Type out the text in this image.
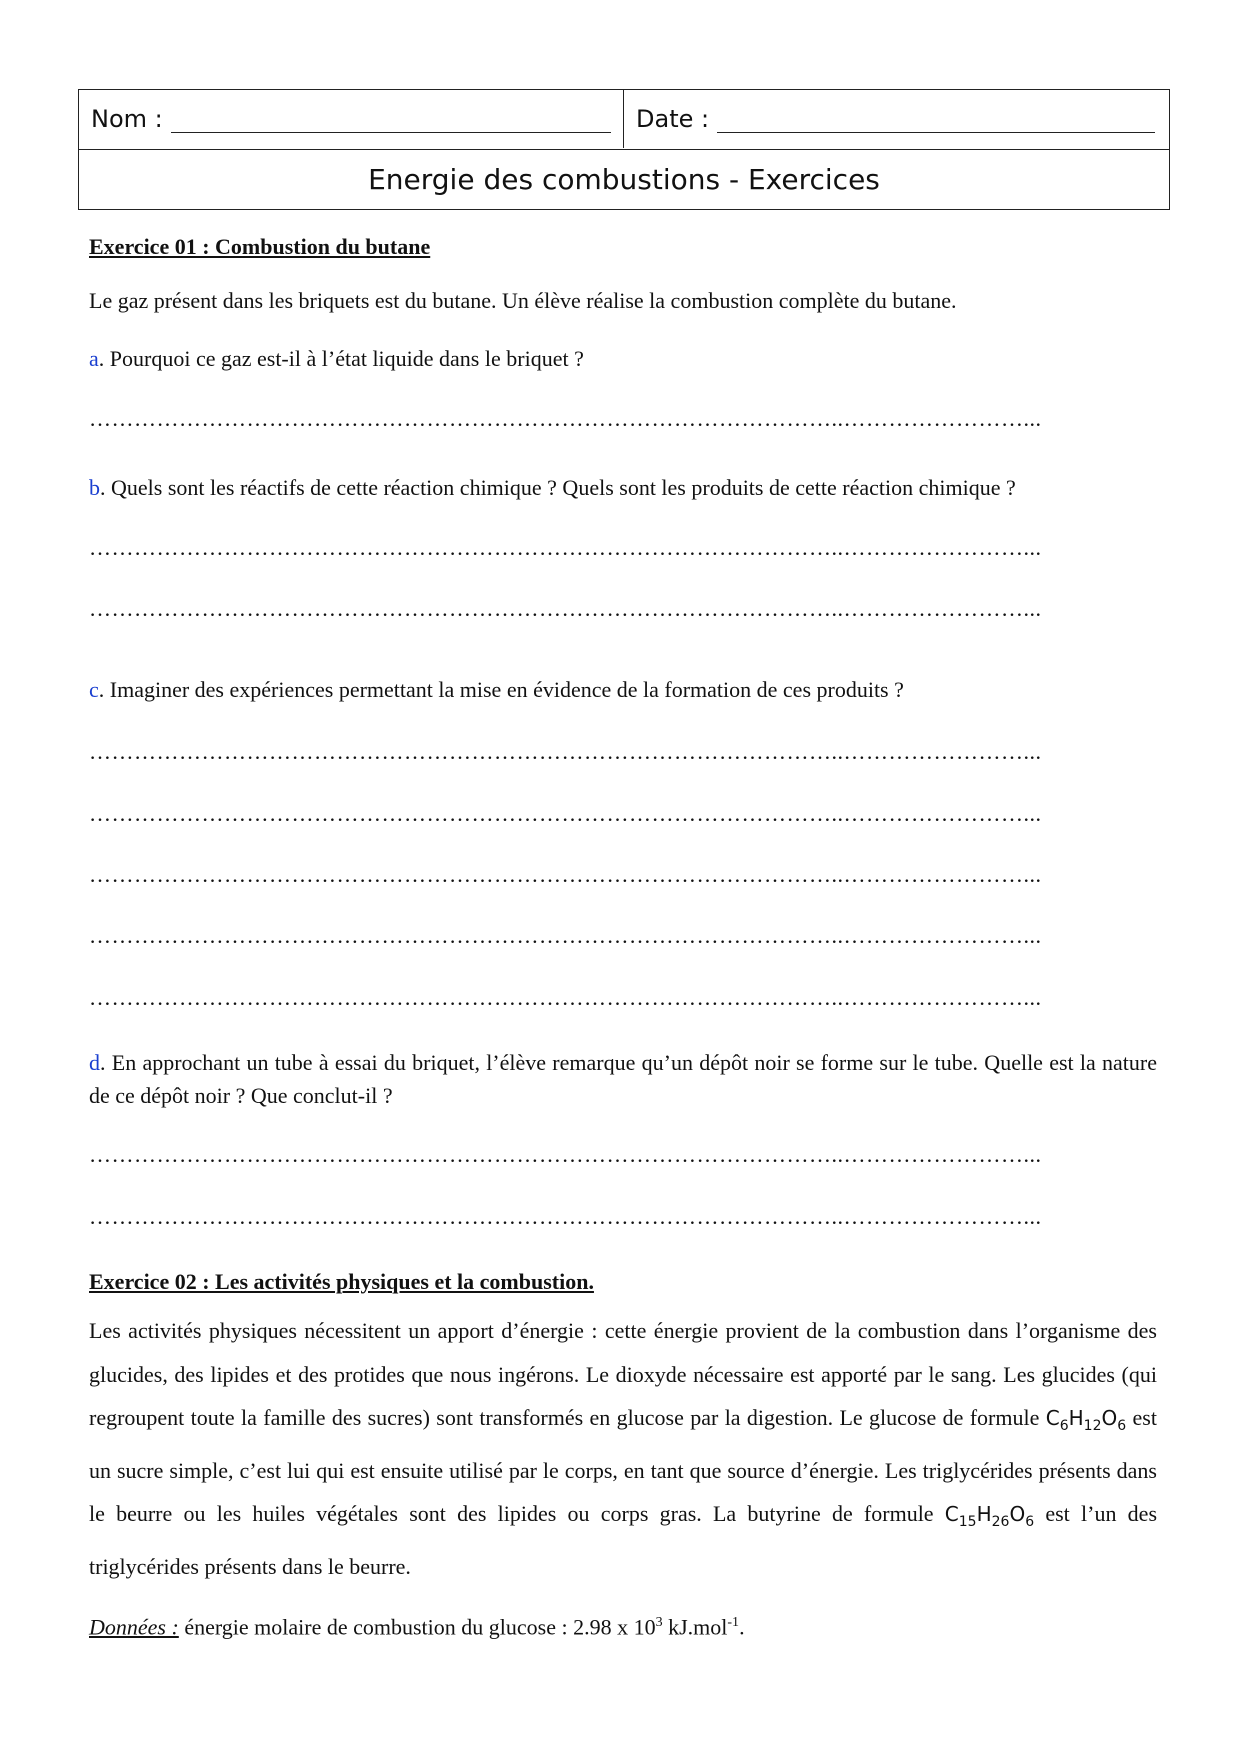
Nom :	Date :
Energie des combustions - Exercices
Exercice 01 : Combustion du butane
Le gaz présent dans les briquets est du butane. Un élève réalise la combustion complète du butane.
a. Pourquoi ce gaz est-il à l’état liquide dans le briquet ?
………………………………………………………………………………………..……………………...
b. Quels sont les réactifs de cette réaction chimique ? Quels sont les produits de cette réaction chimique ?
………………………………………………………………………………………..……………………...
………………………………………………………………………………………..……………………...
c. Imaginer des expériences permettant la mise en évidence de la formation de ces produits ?
………………………………………………………………………………………..……………………...
………………………………………………………………………………………..……………………...
………………………………………………………………………………………..……………………...
………………………………………………………………………………………..……………………...
………………………………………………………………………………………..……………………...
d. En approchant un tube à essai du briquet, l’élève remarque qu’un dépôt noir se forme sur le tube. Quelle est la nature de ce dépôt noir ? Que conclut-il ?
………………………………………………………………………………………..……………………...
………………………………………………………………………………………..……………………...
Exercice 02 : Les activités physiques et la combustion.
Les activités physiques nécessitent un apport d’énergie : cette énergie provient de la combustion dans l’organisme des glucides, des lipides et des protides que nous ingérons. Le dioxyde nécessaire est apporté par le sang. Les glucides (qui regroupent toute la famille des sucres) sont transformés en glucose par la digestion. Le glucose de formule $C_6H_{12}O_6$ est un sucre simple, c’est lui qui est ensuite utilisé par le corps, en tant que source d’énergie. Les triglycérides présents dans le beurre ou les huiles végétales sont des lipides ou corps gras. La butyrine de formule $C_{15}H_{26}O_6$ est l’un des triglycérides présents dans le beurre.
Données : énergie molaire de combustion du glucose : 2.98 x $10^3$ kJ.mol$^{-1}$.
